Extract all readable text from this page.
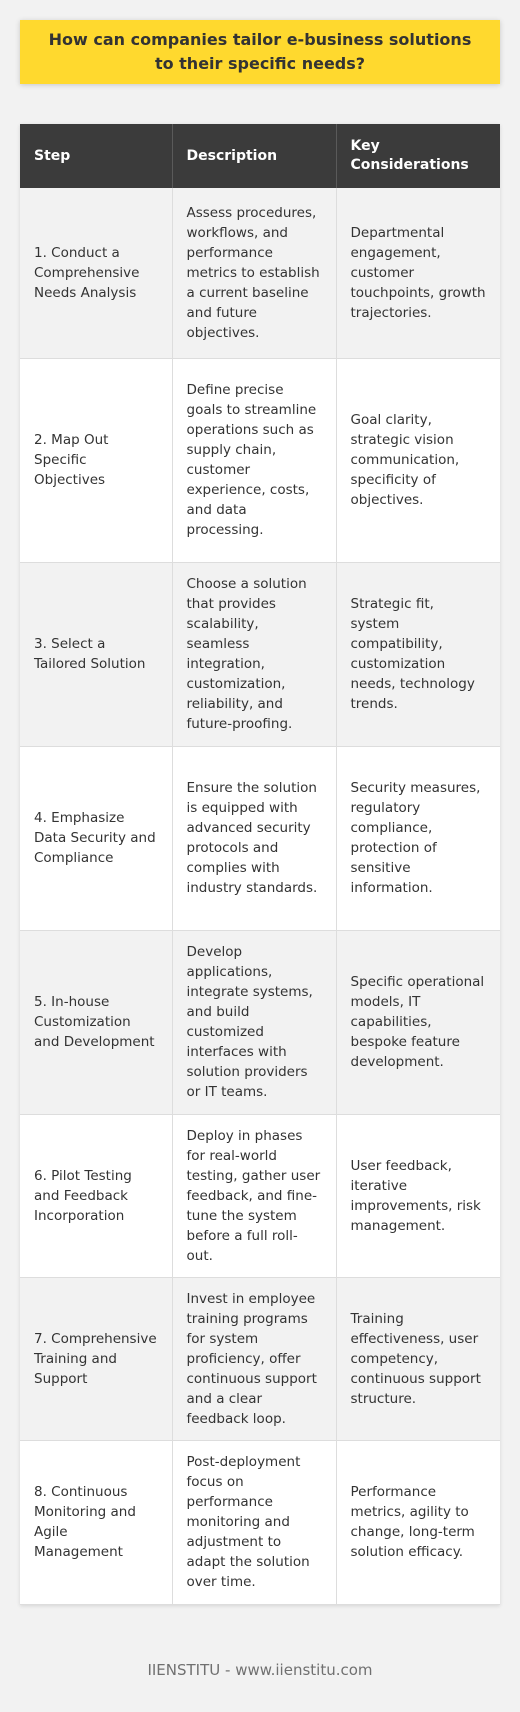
How can companies tailor e-business solutions to their specific needs?
Step	Description	Key Considerations
1. Conduct a Comprehensive Needs Analysis	Assess procedures, workflows, and performance metrics to establish a current baseline and future objectives.	Departmental engagement, customer touchpoints, growth trajectories.
2. Map Out Specific Objectives	Define precise goals to streamline operations such as supply chain, customer experience, costs, and data processing.	Goal clarity, strategic vision communication, specificity of objectives.
3. Select a Tailored Solution	Choose a solution that provides scalability, seamless integration, customization, reliability, and future-proofing.	Strategic fit, system compatibility, customization needs, technology trends.
4. Emphasize Data Security and Compliance	Ensure the solution is equipped with advanced security protocols and complies with industry standards.	Security measures, regulatory compliance, protection of sensitive information.
5. In-house Customization and Development	Develop applications, integrate systems, and build customized interfaces with solution providers or IT teams.	Specific operational models, IT capabilities, bespoke feature development.
6. Pilot Testing and Feedback Incorporation	Deploy in phases for real-world testing, gather user feedback, and fine-tune the system before a full roll-out.	User feedback, iterative improvements, risk management.
7. Comprehensive Training and Support	Invest in employee training programs for system proficiency, offer continuous support and a clear feedback loop.	Training effectiveness, user competency, continuous support structure.
8. Continuous Monitoring and Agile Management	Post-deployment focus on performance monitoring and adjustment to adapt the solution over time.	Performance metrics, agility to change, long-term solution efficacy.
IIENSTITU - www.iienstitu.com
